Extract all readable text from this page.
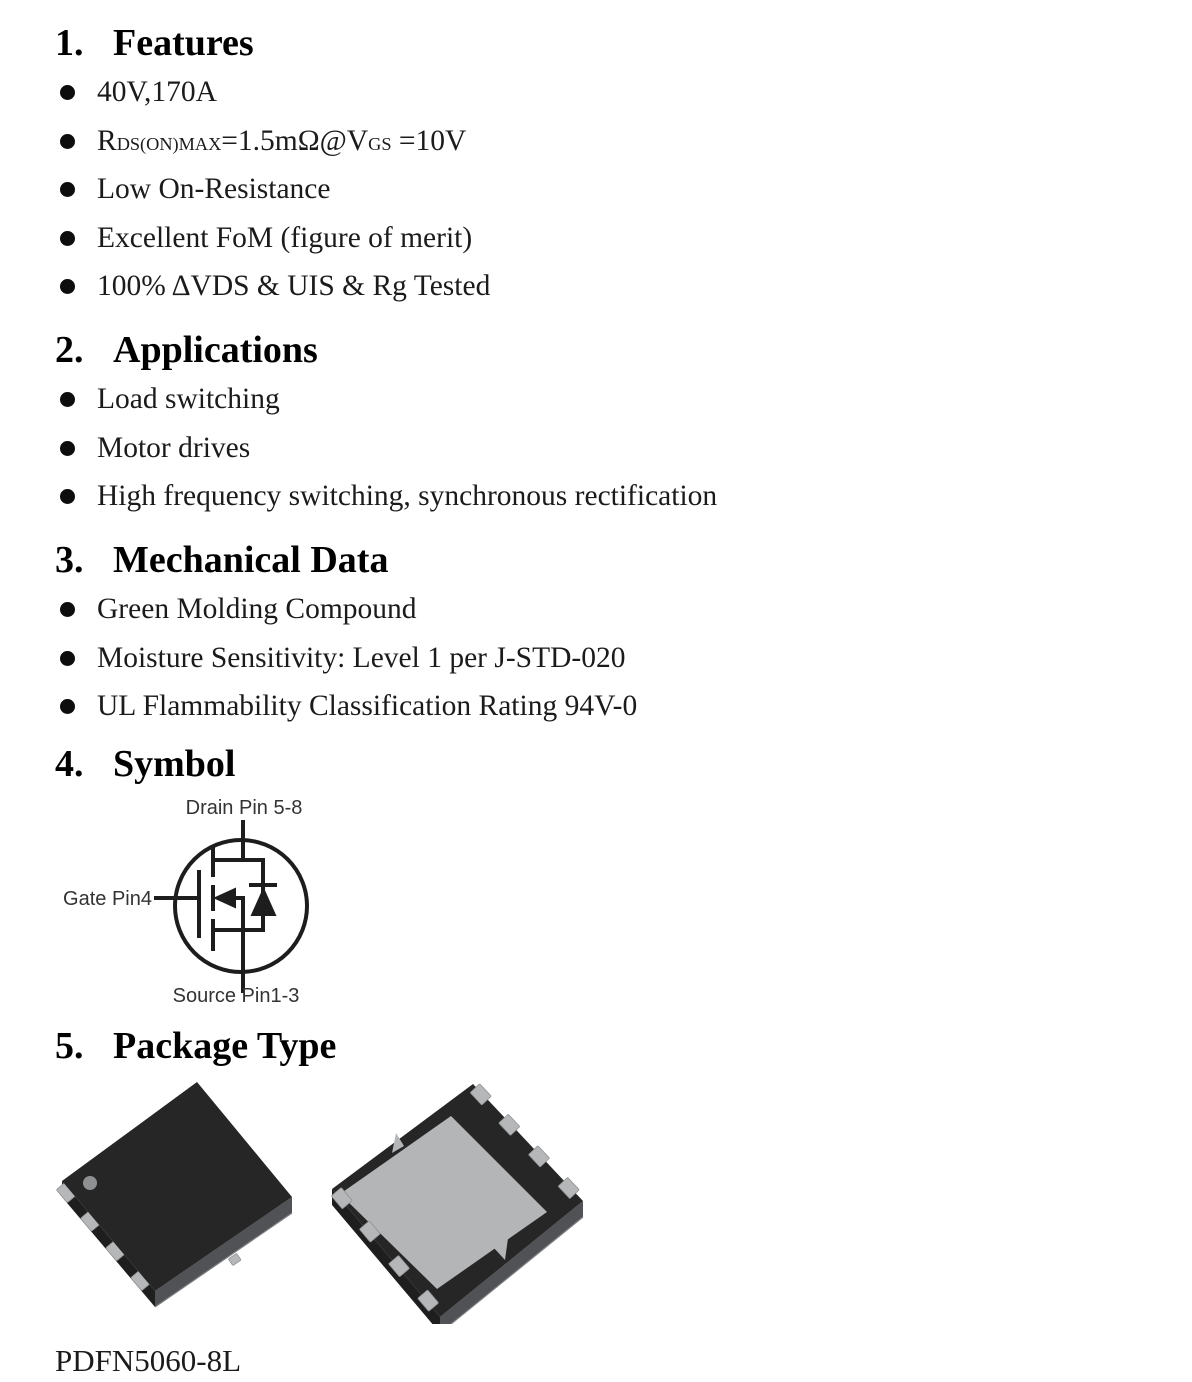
1. Features
40V,170A
RDS(ON)MAX=1.5mΩ@VGS =10V
Low On-Resistance
Excellent FoM (figure of merit)
100% ΔVDS & UIS & Rg Tested
2. Applications
Load switching
Motor drives
High frequency switching, synchronous rectification
3. Mechanical Data
Green Molding Compound
Moisture Sensitivity: Level 1 per J-STD-020
UL Flammability Classification Rating 94V-0
4. Symbol
Drain Pin 5-8
Gate Pin4
Source Pin1-3
5. Package Type
PDFN5060-8L
